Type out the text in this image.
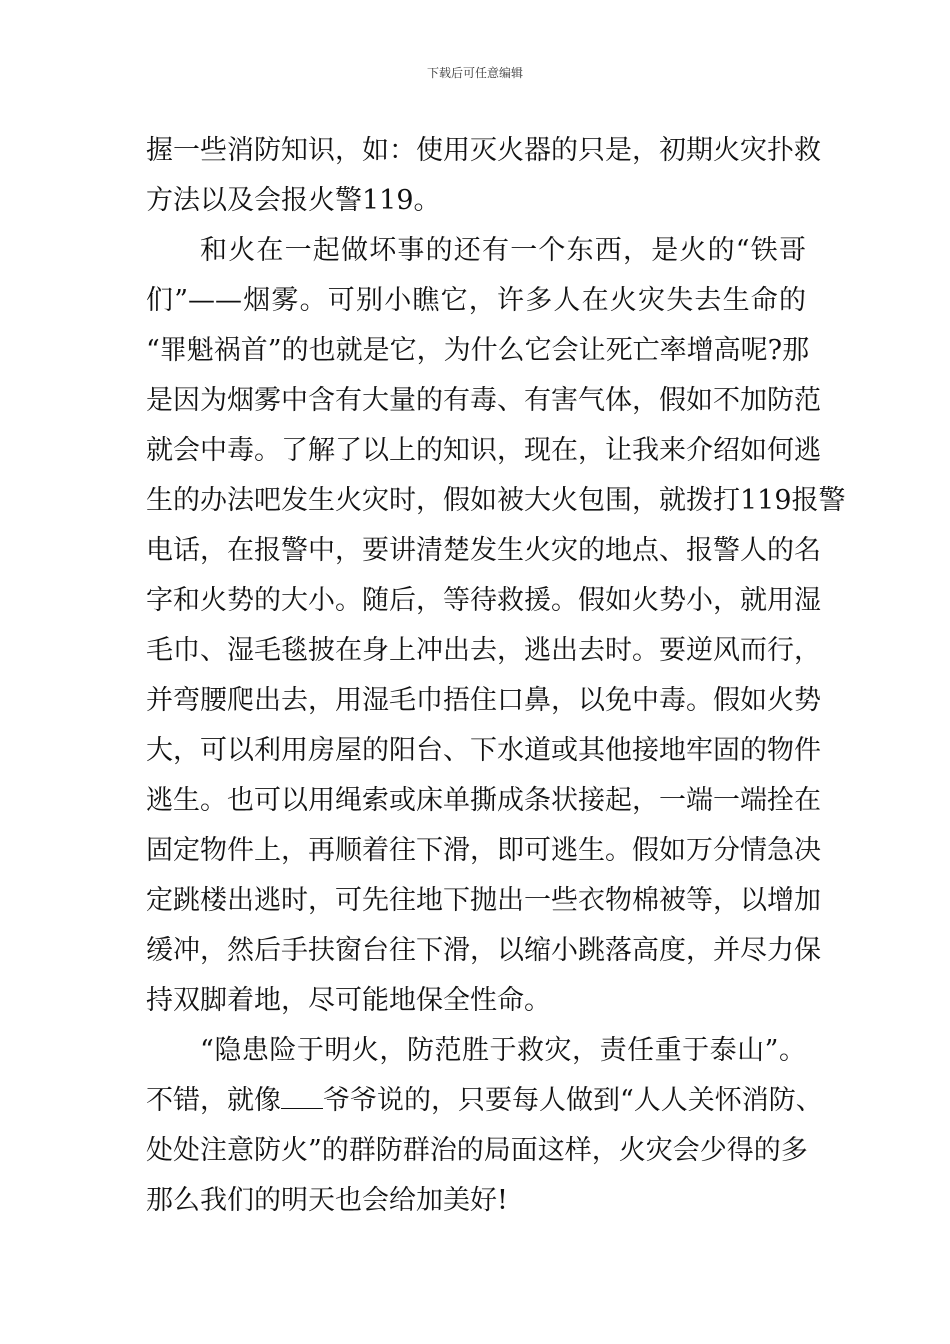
下载后可任意编辑
握一些消防知识，如：使用灭火器的只是，初期火灾扑救
方法以及会报火警119。
和火在一起做坏事的还有一个东西，是火的“铁哥
们”——烟雾。可别小瞧它，许多人在火灾失去生命的
“罪魁祸首”的也就是它，为什么它会让死亡率增高呢?那
是因为烟雾中含有大量的有毒、有害气体，假如不加防范
就会中毒。了解了以上的知识，现在，让我来介绍如何逃
生的办法吧发生火灾时，假如被大火包围，就拨打119报警
电话，在报警中，要讲清楚发生火灾的地点、报警人的名
字和火势的大小。随后，等待救援。假如火势小，就用湿
毛巾、湿毛毯披在身上冲出去，逃出去时。要逆风而行，
并弯腰爬出去，用湿毛巾捂住口鼻，以免中毒。假如火势
大，可以利用房屋的阳台、下水道或其他接地牢固的物件
逃生。也可以用绳索或床单撕成条状接起，一端一端拴在
固定物件上，再顺着往下滑，即可逃生。假如万分情急决
定跳楼出逃时，可先往地下抛出一些衣物棉被等，以增加
缓冲，然后手扶窗台往下滑，以缩小跳落高度，并尽力保
持双脚着地，尽可能地保全性命。
“隐患险于明火，防范胜于救灾，责任重于泰山”。
不错，就像 爷爷说的，只要每人做到“人人关怀消防、
处处注意防火”的群防群治的局面这样，火灾会少得的多
那么我们的明天也会给加美好!
